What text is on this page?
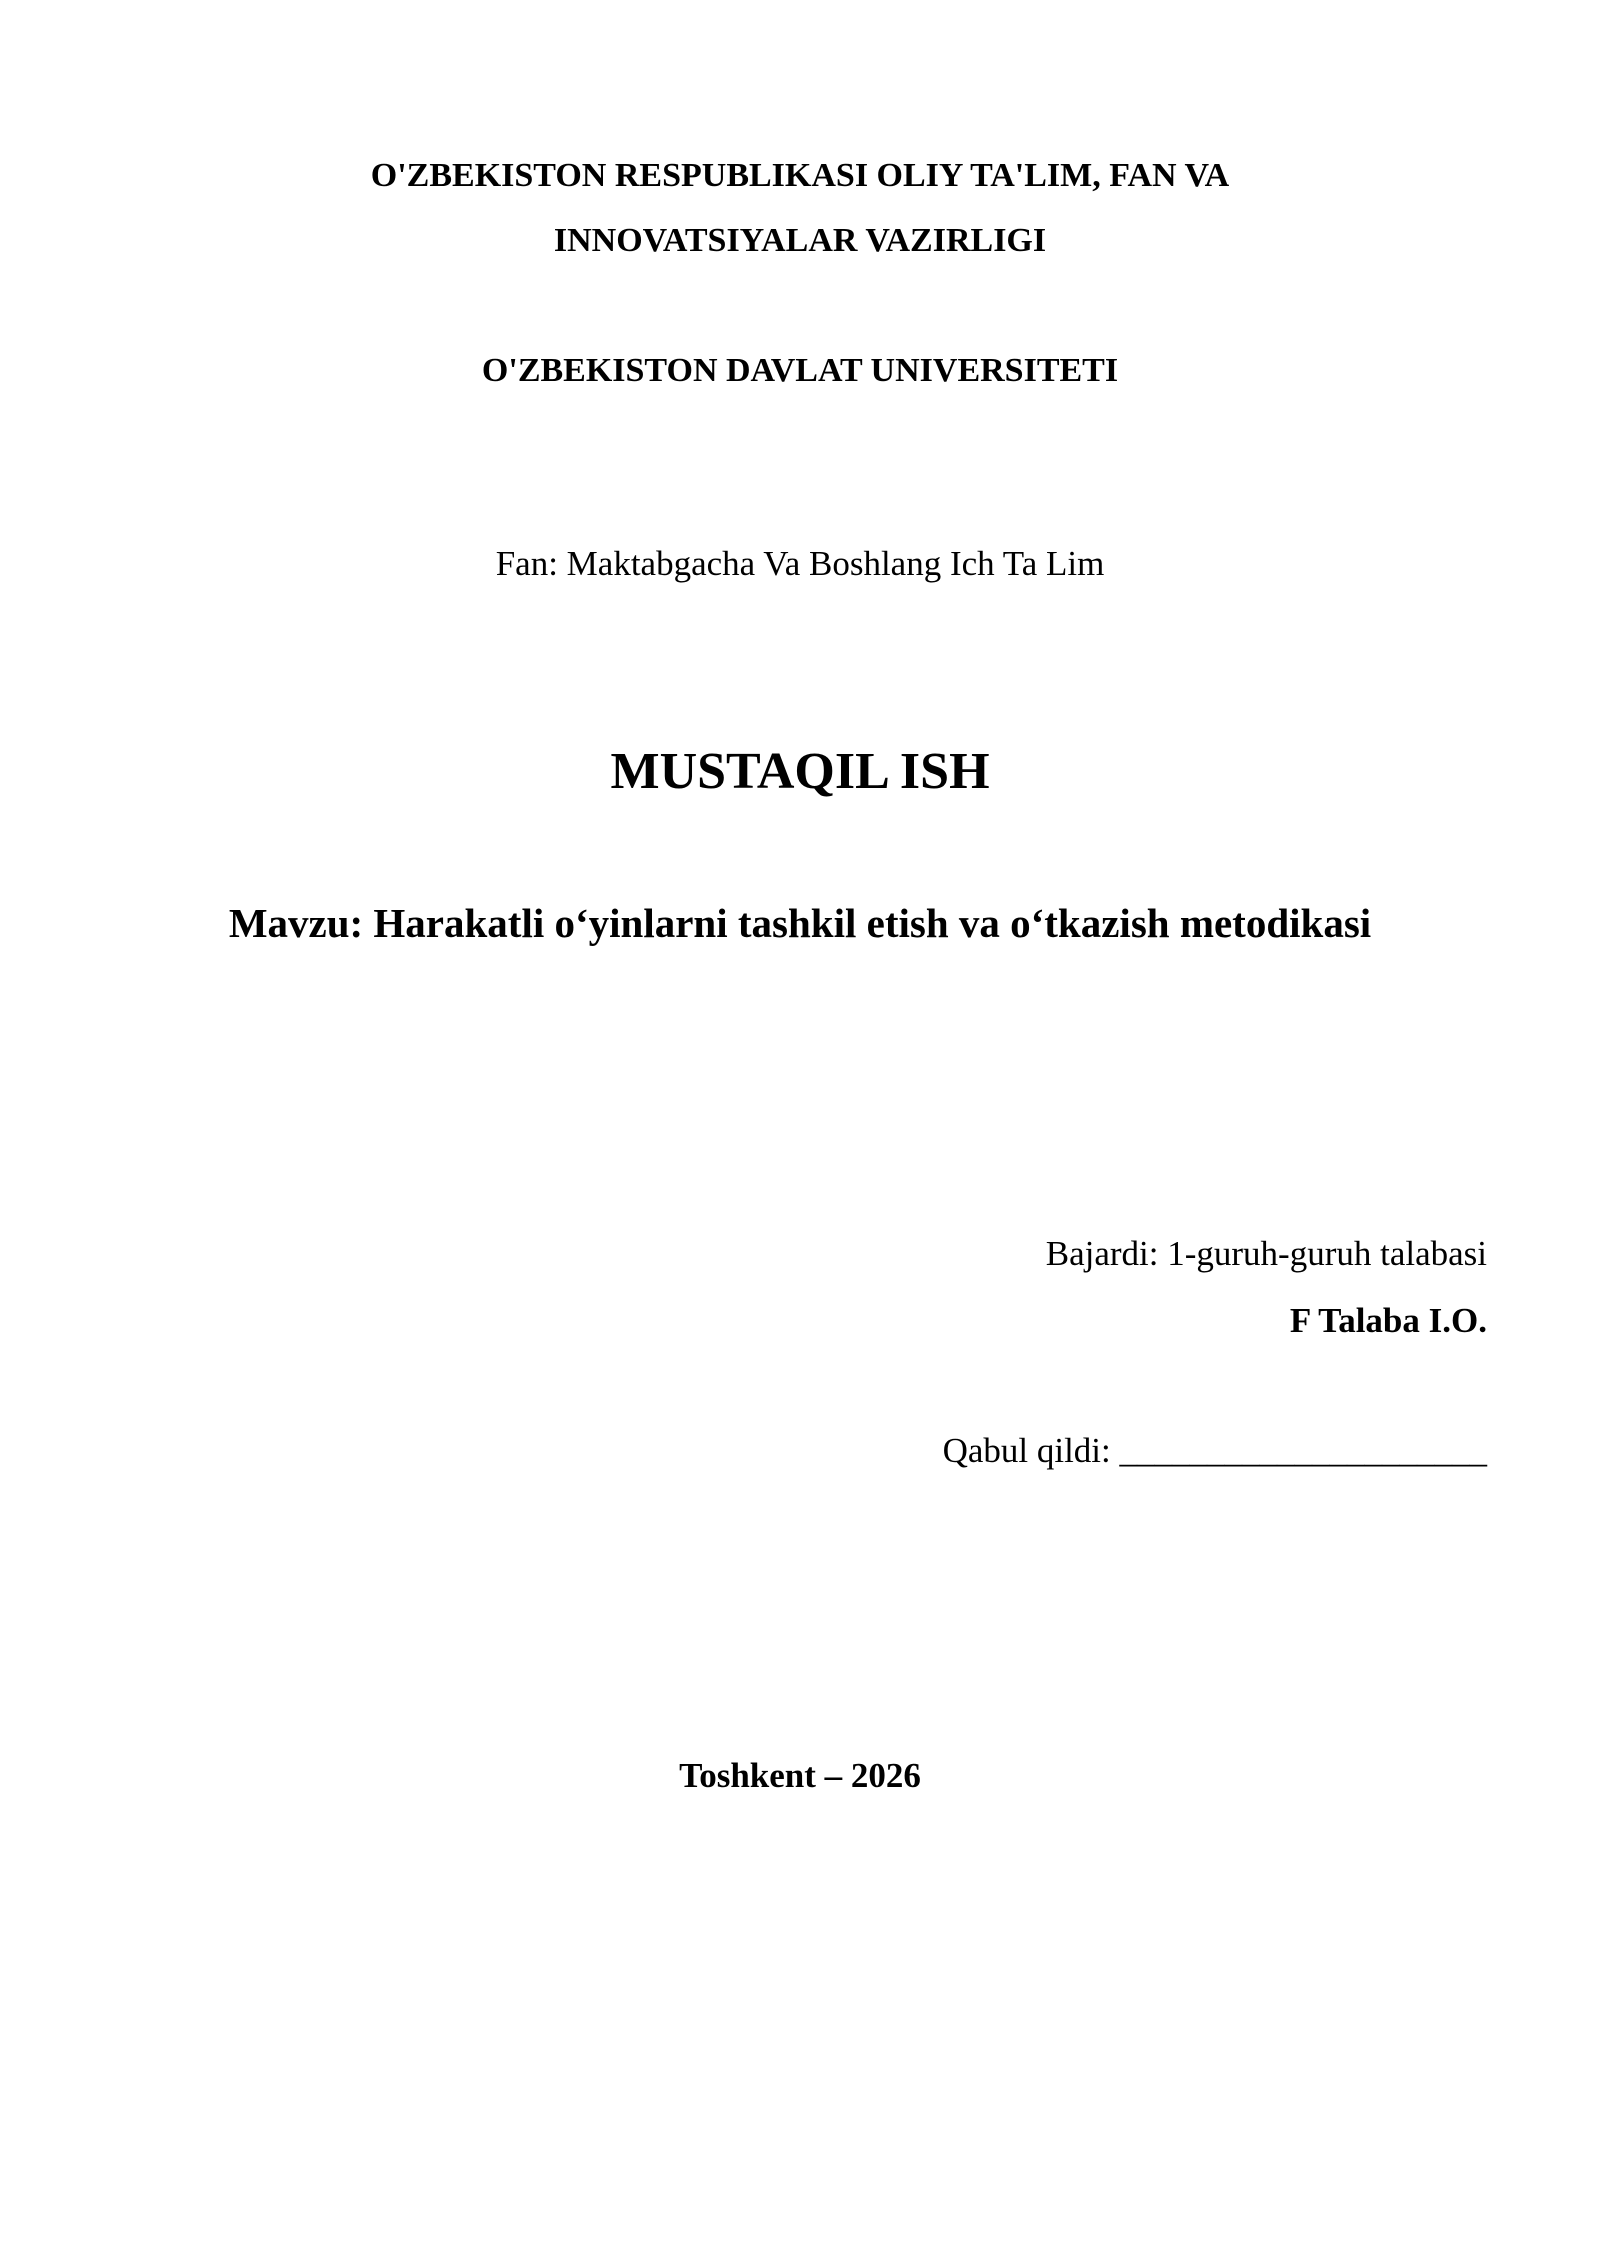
O'ZBEKISTON RESPUBLIKASI OLIY TA'LIM, FAN VA
INNOVATSIYALAR VAZIRLIGI
O'ZBEKISTON DAVLAT UNIVERSITETI
Fan: Maktabgacha Va Boshlang Ich Ta Lim
MUSTAQIL ISH
Mavzu: Harakatli o‘yinlarni tashkil etish va o‘tkazish metodikasi
Bajardi: 1-guruh-guruh talabasi
F Talaba I.O.
Qabul qildi: _____________________
Toshkent – 2026
